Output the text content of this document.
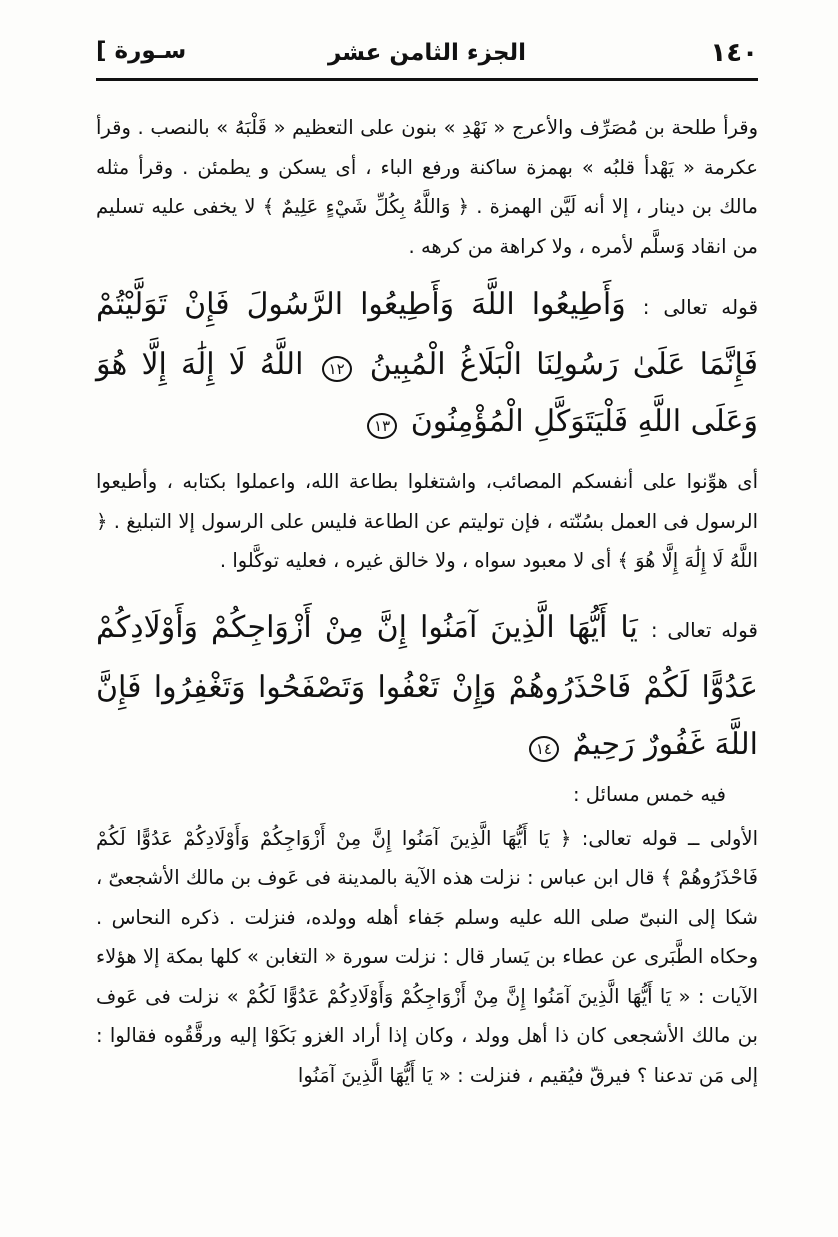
١٤٠
الجزء الثامن عشر
سـورة ]

وقرأ طلحة بن مُصَرِّف والأعرج « نَهْدِ » بنون على التعظيم « قَلْبَهُ » بالنصب . وقرأ عكرمة « يَهْدأ قلبُه » بهمزة ساكنة ورفع الباء ، أى يسكن و يطمئن . وقرأ مثله مالك بن دينار ، إلا أنه لَيَّن الهمزة . ﴿ وَاللَّهُ بِكُلِّ شَيْءٍ عَلِيمٌ ﴾ لا يخفى عليه تسليم من انقاد وَسلَّم لأمره ، ولا كراهة من كرهه .

قوله تعالى : وَأَطِيعُوا اللَّهَ وَأَطِيعُوا الرَّسُولَ فَإِنْ تَوَلَّيْتُمْ فَإِنَّمَا عَلَىٰ رَسُولِنَا الْبَلَاغُ الْمُبِينُ ١٢ اللَّهُ لَا إِلَٰهَ إِلَّا هُوَ وَعَلَى اللَّهِ فَلْيَتَوَكَّلِ الْمُؤْمِنُونَ ١٣

أى هوِّنوا على أنفسكم المصائب، واشتغلوا بطاعة الله، واعملوا بكتابه ، وأطيعوا الرسول فى العمل بسُنّته ، فإن توليتم عن الطاعة فليس على الرسول إلا التبليغ . ﴿ اللَّهُ لَا إِلَٰهَ إِلَّا هُوَ ﴾ أى لا معبود سواه ، ولا خالق غيره ، فعليه توكَّلوا .

قوله تعالى : يَا أَيُّهَا الَّذِينَ آمَنُوا إِنَّ مِنْ أَزْوَاجِكُمْ وَأَوْلَادِكُمْ عَدُوًّا لَكُمْ فَاحْذَرُوهُمْ وَإِنْ تَعْفُوا وَتَصْفَحُوا وَتَغْفِرُوا فَإِنَّ اللَّهَ غَفُورٌ رَحِيمٌ ١٤

فيه خمس مسائل :

الأولى ــ قوله تعالى: ﴿ يَا أَيُّهَا الَّذِينَ آمَنُوا إِنَّ مِنْ أَزْوَاجِكُمْ وَأَوْلَادِكُمْ عَدُوًّا لَكُمْ فَاحْذَرُوهُمْ ﴾ قال ابن عباس : نزلت هذه الآية بالمدينة فى عَوف بن مالك الأشجعىّ ، شكا إلى النبىّ صلى الله عليه وسلم جَفاء أهله وولده، فنزلت . ذكره النحاس . وحكاه الطَّبَرى عن عطاء بن يَسار قال : نزلت سورة « التغابن » كلها بمكة إلا هؤلاء الآيات : « يَا أَيُّهَا الَّذِينَ آمَنُوا إِنَّ مِنْ أَزْوَاجِكُمْ وَأَوْلَادِكُمْ عَدُوًّا لَكُمْ » نزلت فى عَوف بن مالك الأشجعى كان ذا أهل وولد ، وكان إذا أراد الغزو بَكَوْا إليه ورقَّقُوه فقالوا : إلى مَن تدعنا ؟ فيرقّ فيُقيم ، فنزلت : « يَا أَيُّهَا الَّذِينَ آمَنُوا
